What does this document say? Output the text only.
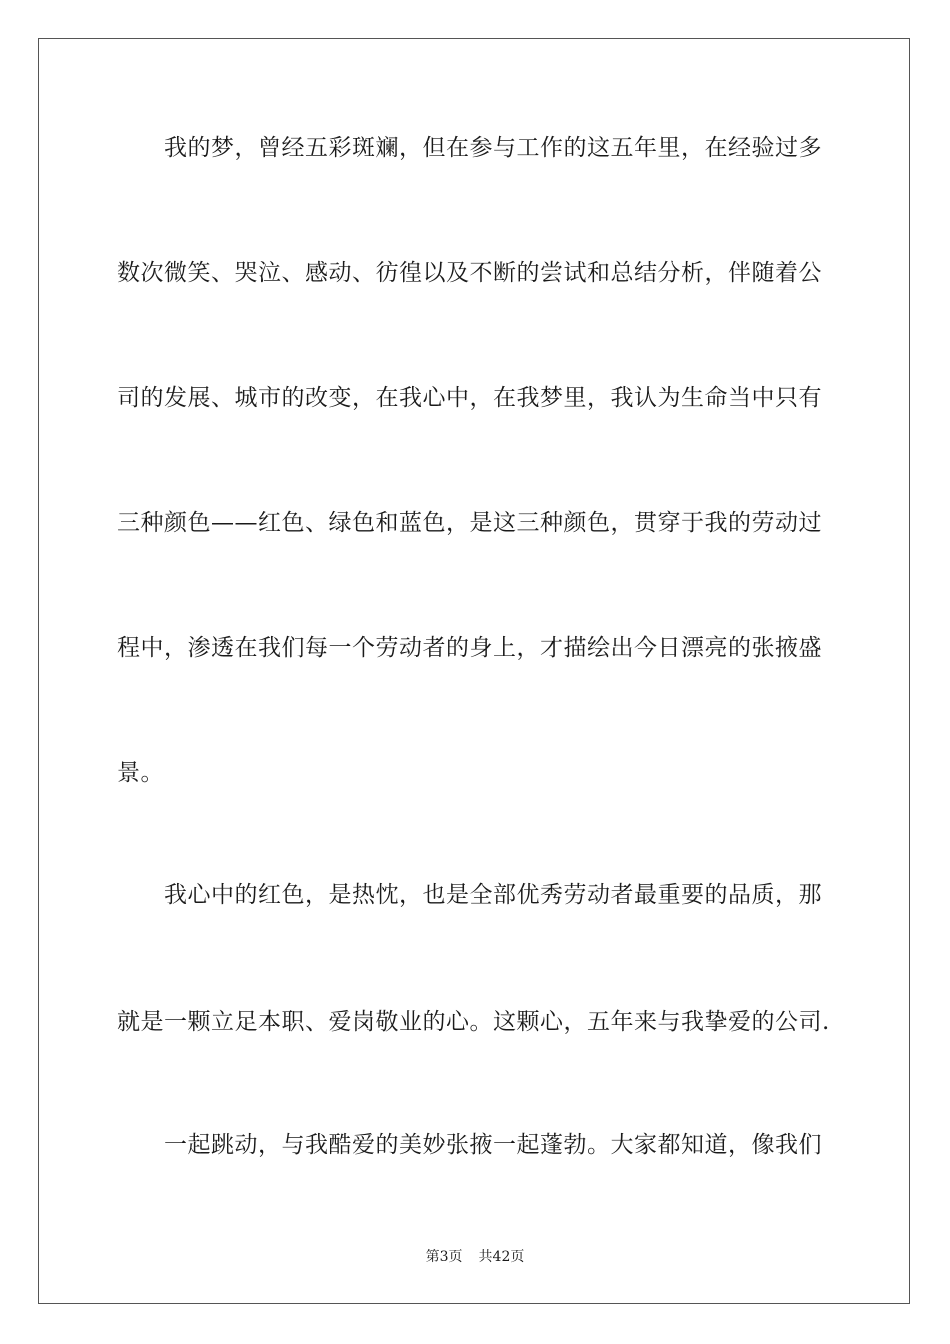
我的梦，曾经五彩斑斓，但在参与工作的这五年里，在经验过多
数次微笑、哭泣、感动、彷徨以及不断的尝试和总结分析，伴随着公
司的发展、城市的改变，在我心中，在我梦里，我认为生命当中只有
三种颜色——红色、绿色和蓝色，是这三种颜色，贯穿于我的劳动过
程中，渗透在我们每一个劳动者的身上，才描绘出今日漂亮的张掖盛
景。
我心中的红色，是热忱，也是全部优秀劳动者最重要的品质，那
就是一颗立足本职、爱岗敬业的心。这颗心，五年来与我挚爱的公司.
一起跳动，与我酷爱的美妙张掖一起蓬勃。大家都知道，像我们
第3页 共42页
